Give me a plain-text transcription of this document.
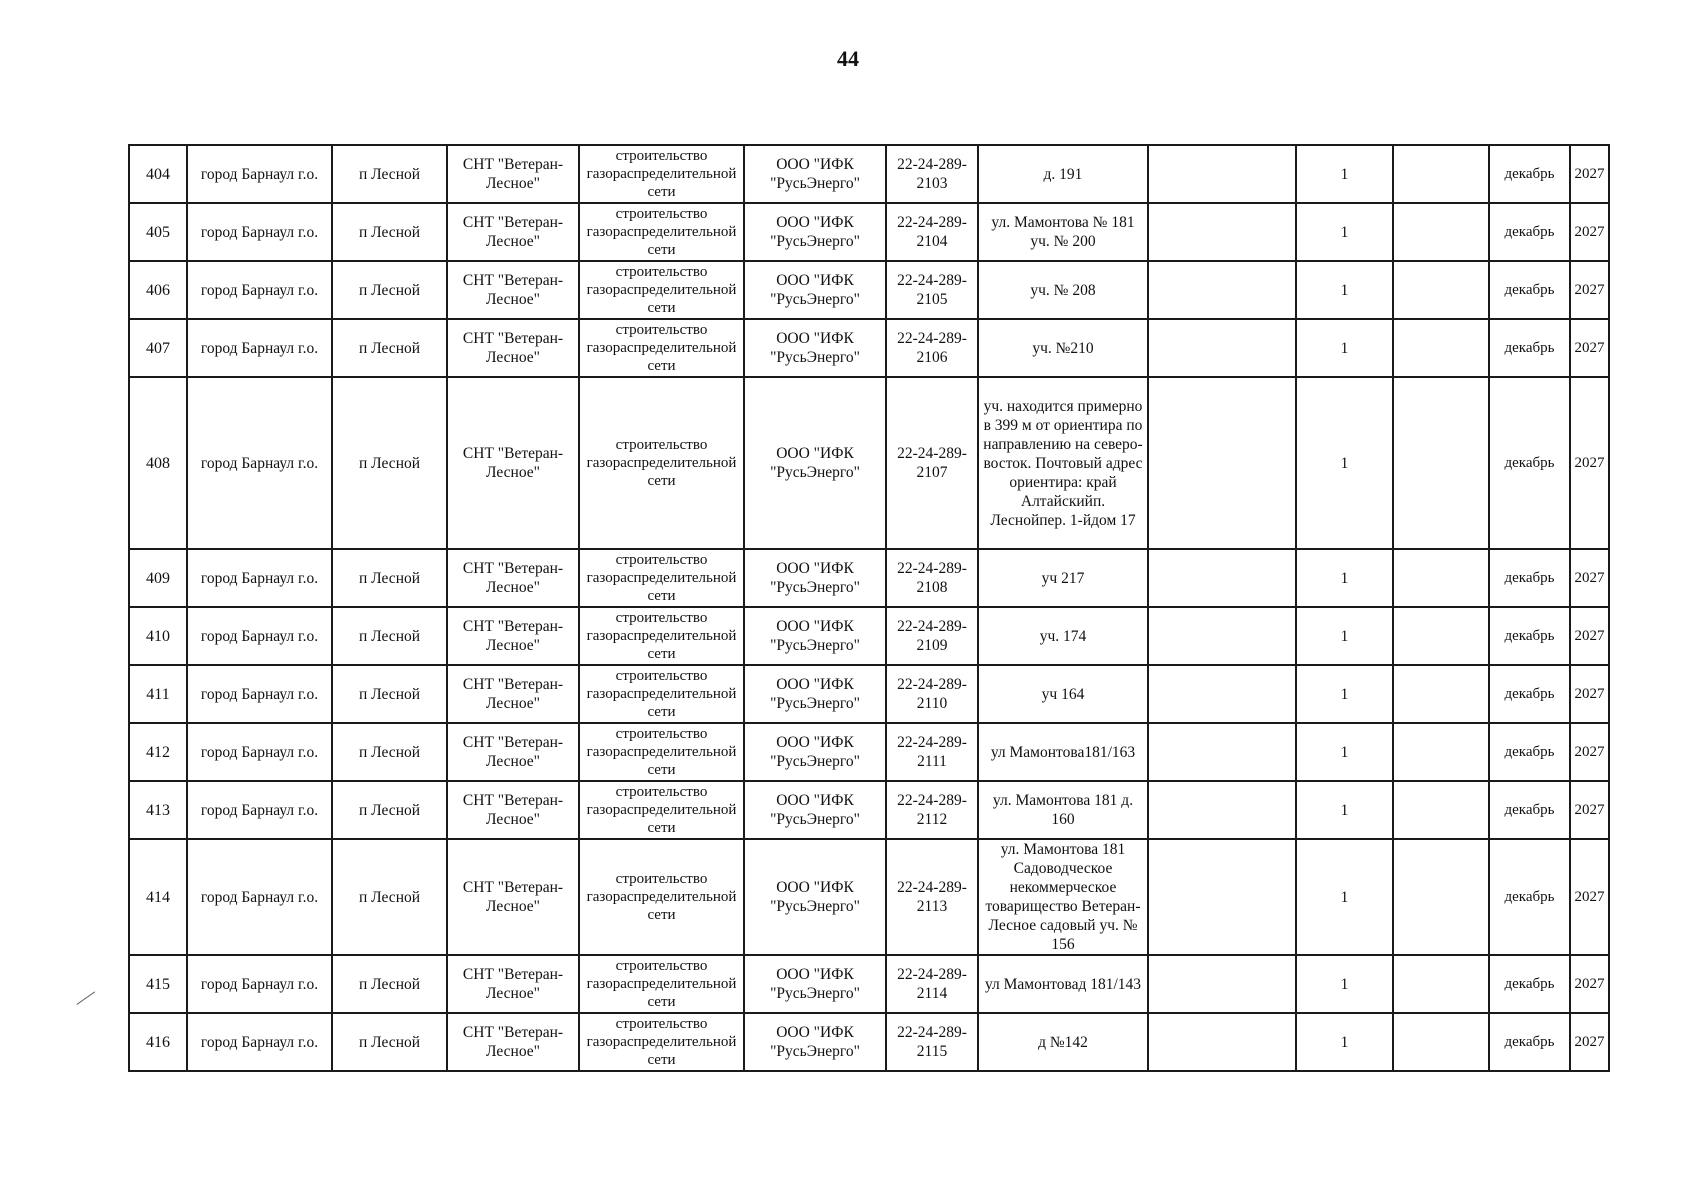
44
404	город Барнаул г.о.	п Лесной	СНТ "Ветеран-Лесное"	строительство газораспределительной сети	ООО "ИФК "РусьЭнерго"	22-24-289-2103	д. 191		1		декабрь	2027
405	город Барнаул г.о.	п Лесной	СНТ "Ветеран-Лесное"	строительство газораспределительной сети	ООО "ИФК "РусьЭнерго"	22-24-289-2104	ул. Мамонтова № 181 уч. № 200		1		декабрь	2027
406	город Барнаул г.о.	п Лесной	СНТ "Ветеран-Лесное"	строительство газораспределительной сети	ООО "ИФК "РусьЭнерго"	22-24-289-2105	уч. № 208		1		декабрь	2027
407	город Барнаул г.о.	п Лесной	СНТ "Ветеран-Лесное"	строительство газораспределительной сети	ООО "ИФК "РусьЭнерго"	22-24-289-2106	уч. №210		1		декабрь	2027
408	город Барнаул г.о.	п Лесной	СНТ "Ветеран-Лесное"	строительство газораспределительной сети	ООО "ИФК "РусьЭнерго"	22-24-289-2107	уч. находится примерно в 399 м от ориентира по направлению на северо-восток. Почтовый адрес ориентира: край Алтайскийп. Леснойпер. 1-йдом 17		1		декабрь	2027
409	город Барнаул г.о.	п Лесной	СНТ "Ветеран-Лесное"	строительство газораспределительной сети	ООО "ИФК "РусьЭнерго"	22-24-289-2108	уч 217		1		декабрь	2027
410	город Барнаул г.о.	п Лесной	СНТ "Ветеран-Лесное"	строительство газораспределительной сети	ООО "ИФК "РусьЭнерго"	22-24-289-2109	уч. 174		1		декабрь	2027
411	город Барнаул г.о.	п Лесной	СНТ "Ветеран-Лесное"	строительство газораспределительной сети	ООО "ИФК "РусьЭнерго"	22-24-289-2110	уч 164		1		декабрь	2027
412	город Барнаул г.о.	п Лесной	СНТ "Ветеран-Лесное"	строительство газораспределительной сети	ООО "ИФК "РусьЭнерго"	22-24-289-2111	ул Мамонтова181/163		1		декабрь	2027
413	город Барнаул г.о.	п Лесной	СНТ "Ветеран-Лесное"	строительство газораспределительной сети	ООО "ИФК "РусьЭнерго"	22-24-289-2112	ул. Мамонтова 181 д. 160		1		декабрь	2027
414	город Барнаул г.о.	п Лесной	СНТ "Ветеран-Лесное"	строительство газораспределительной сети	ООО "ИФК "РусьЭнерго"	22-24-289-2113	ул. Мамонтова 181 Садоводческое некоммерческое товарищество Ветеран- Лесное садовый уч. № 156		1		декабрь	2027
415	город Барнаул г.о.	п Лесной	СНТ "Ветеран-Лесное"	строительство газораспределительной сети	ООО "ИФК "РусьЭнерго"	22-24-289-2114	ул Мамонтовад 181/143		1		декабрь	2027
416	город Барнаул г.о.	п Лесной	СНТ "Ветеран-Лесное"	строительство газораспределительной сети	ООО "ИФК "РусьЭнерго"	22-24-289-2115	д №142		1		декабрь	2027
